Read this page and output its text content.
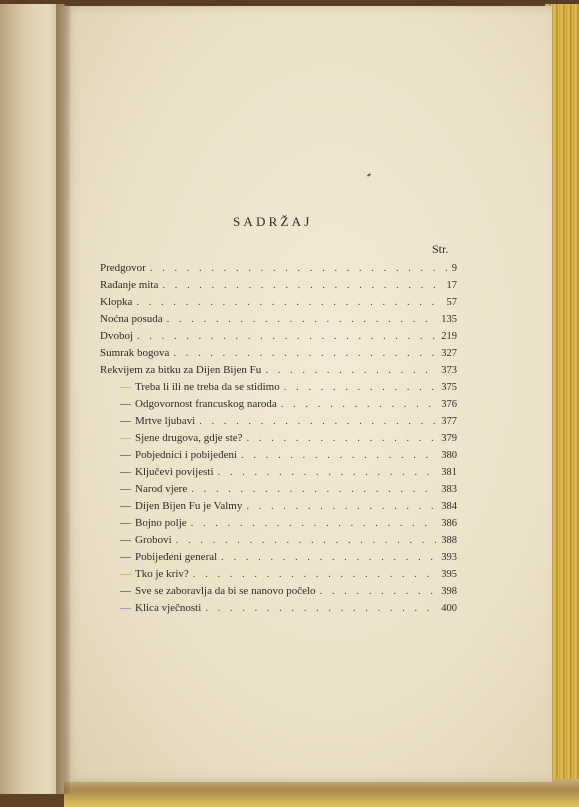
SADRŽAJ
Str.
Predgovor . . .	9
Rađanje mita . . .	17
Klopka . . .	57
Noćna posuda . . .	135
Dvoboj . . .	219
Sumrak bogova . . .	327
Rekvijem za bitku za Dijen Bijen Fu . . .	373
— Treba li ili ne treba da se stidimo . . .	375
— Odgovornost francuskog naroda . . .	376
— Mrtve ljubavi . . .	377
— Sjene drugova, gdje ste? . . .	379
— Pobjednici i pobijeđeni . . .	380
— Ključevi povijesti . . .	381
— Narod vjere . . .	383
— Dijen Bijen Fu je Valmy . . .	384
— Bojno polje . . .	386
— Grobovi . . .	388
— Pobijeđeni general . . .	393
— Tko je kriv? . . .	395
— Sve se zaboravlja da bi se nanovo počelo . . .	398
— Klica vječnosti . . .	400
